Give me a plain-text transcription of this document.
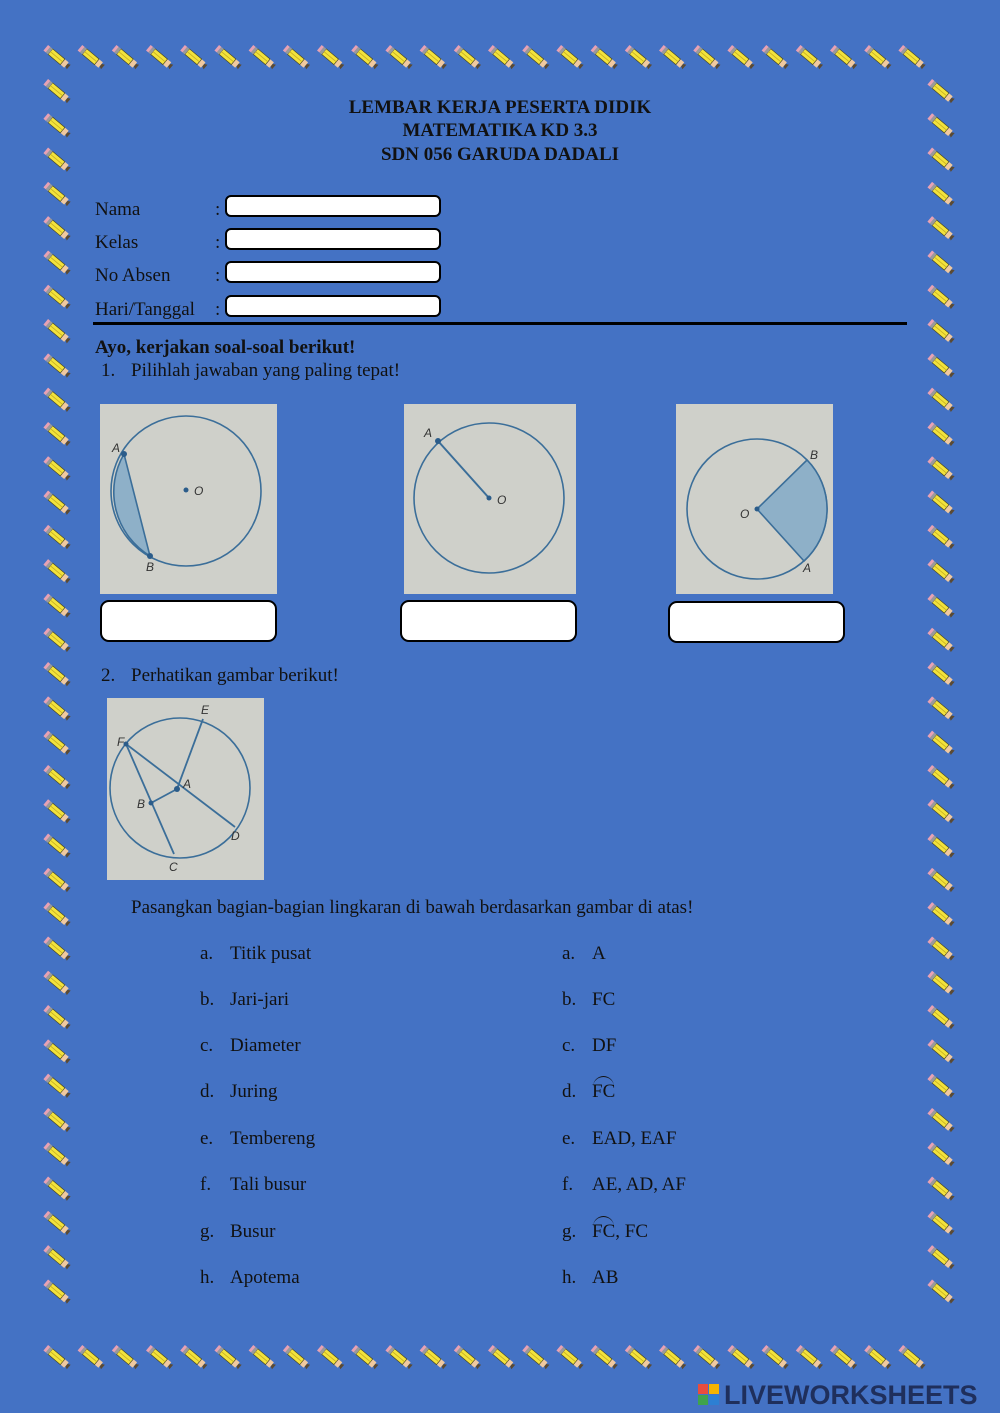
LEMBAR KERJA PESERTA DIDIK
MATEMATIKA KD 3.3
SDN 056 GARUDA DADALI
Nama	:
Kelas	:
No Absen :
Hari/Tanggal :
Ayo, kerjakan soal-soal berikut!
1. Pilihlah jawaban yang paling tepat!
A
O
B
A
O
B
O
A
2. Perhatikan gambar berikut!
E
F
A
B
D
C
Pasangkan bagian-bagian lingkaran di bawah berdasarkan gambar di atas!
a. Titik pusat
b. Jari-jari
c. Diameter
d. Juring
e. Tembereng
f. Tali busur
g. Busur
h. Apotema
a. A
b. FC
c. DF
d. FC
e. EAD, EAF
f. AE, AD, AF
g. FC, FC
h. AB
LIVEWORKSHEETS
